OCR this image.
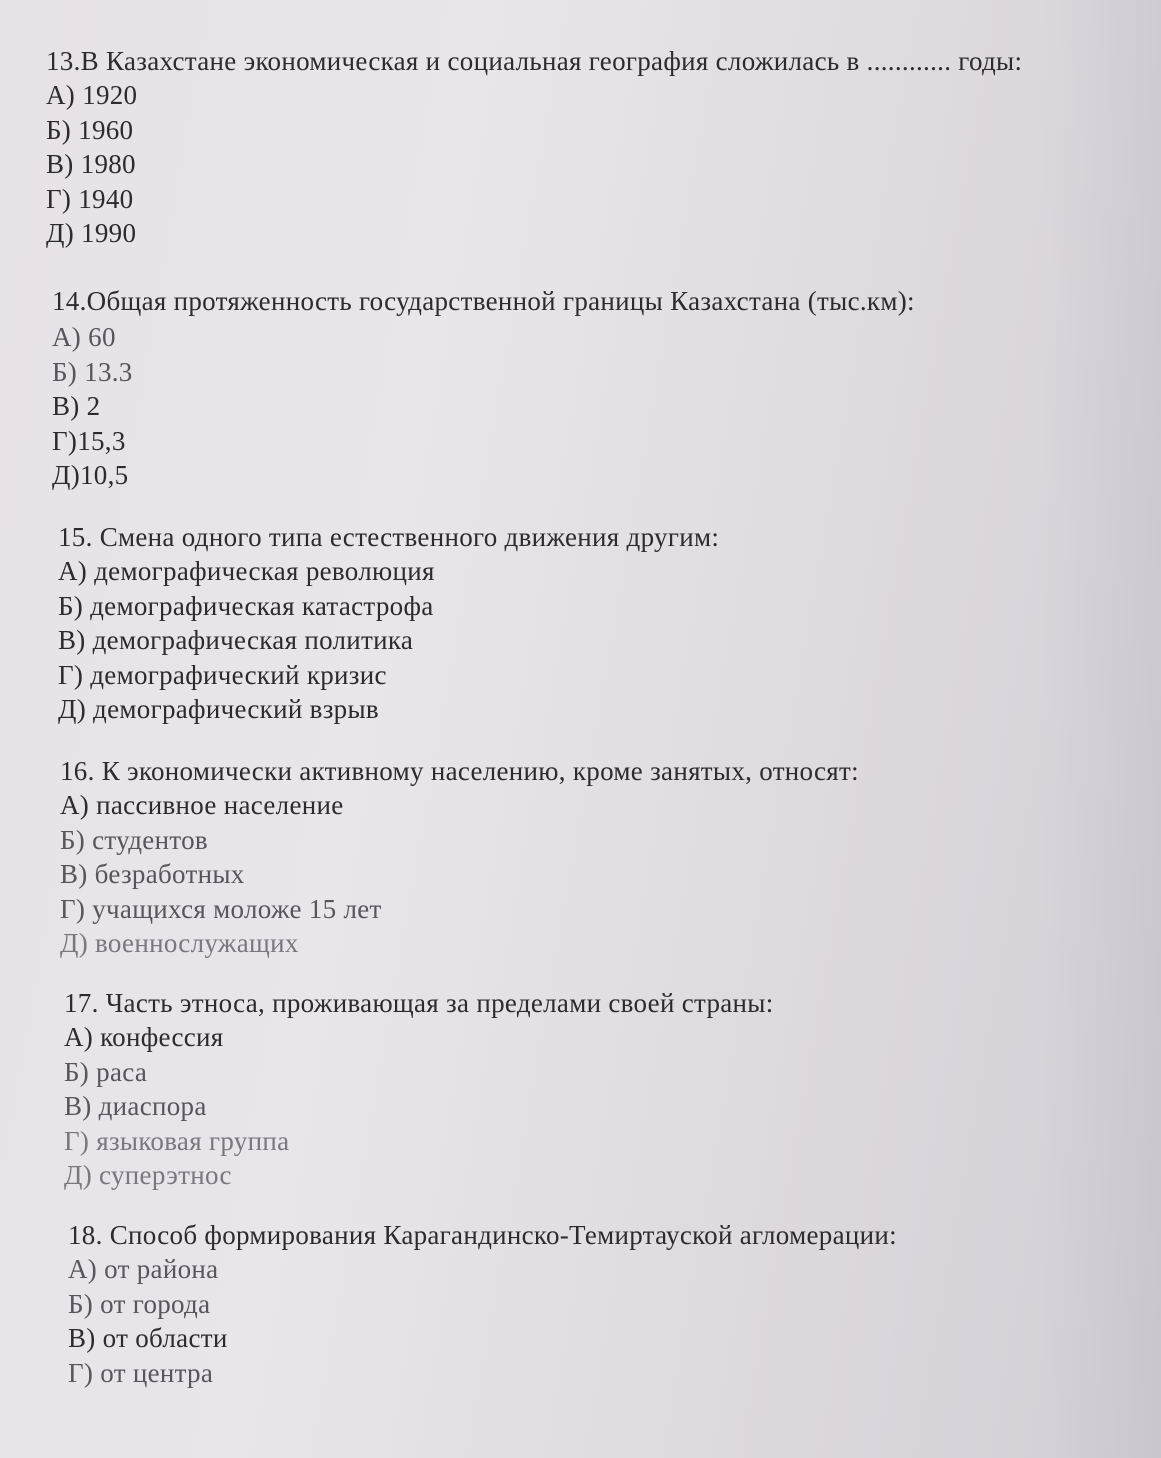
13.В Казахстане экономическая и социальная география сложилась в ............ годы:
А) 1920
Б) 1960
В) 1980
Г) 1940
Д) 1990
14.Общая протяженность государственной границы Казахстана (тыс.км):
А) 60
Б) 13.3
В) 2
Г)15,3
Д)10,5
15. Смена одного типа естественного движения другим:
А) демографическая революция
Б) демографическая катастрофа
В) демографическая политика
Г) демографический кризис
Д) демографический взрыв
16. К экономически активному населению, кроме занятых, относят:
А) пассивное население
Б) студентов
В) безработных
Г) учащихся моложе 15 лет
Д) военнослужащих
17. Часть этноса, проживающая за пределами своей страны:
А) конфессия
Б) раса
В) диаспора
Г) языковая группа
Д) суперэтнос
18. Способ формирования Карагандинско-Темиртауской агломерации:
А) от района
Б) от города
В) от области
Г) от центра
